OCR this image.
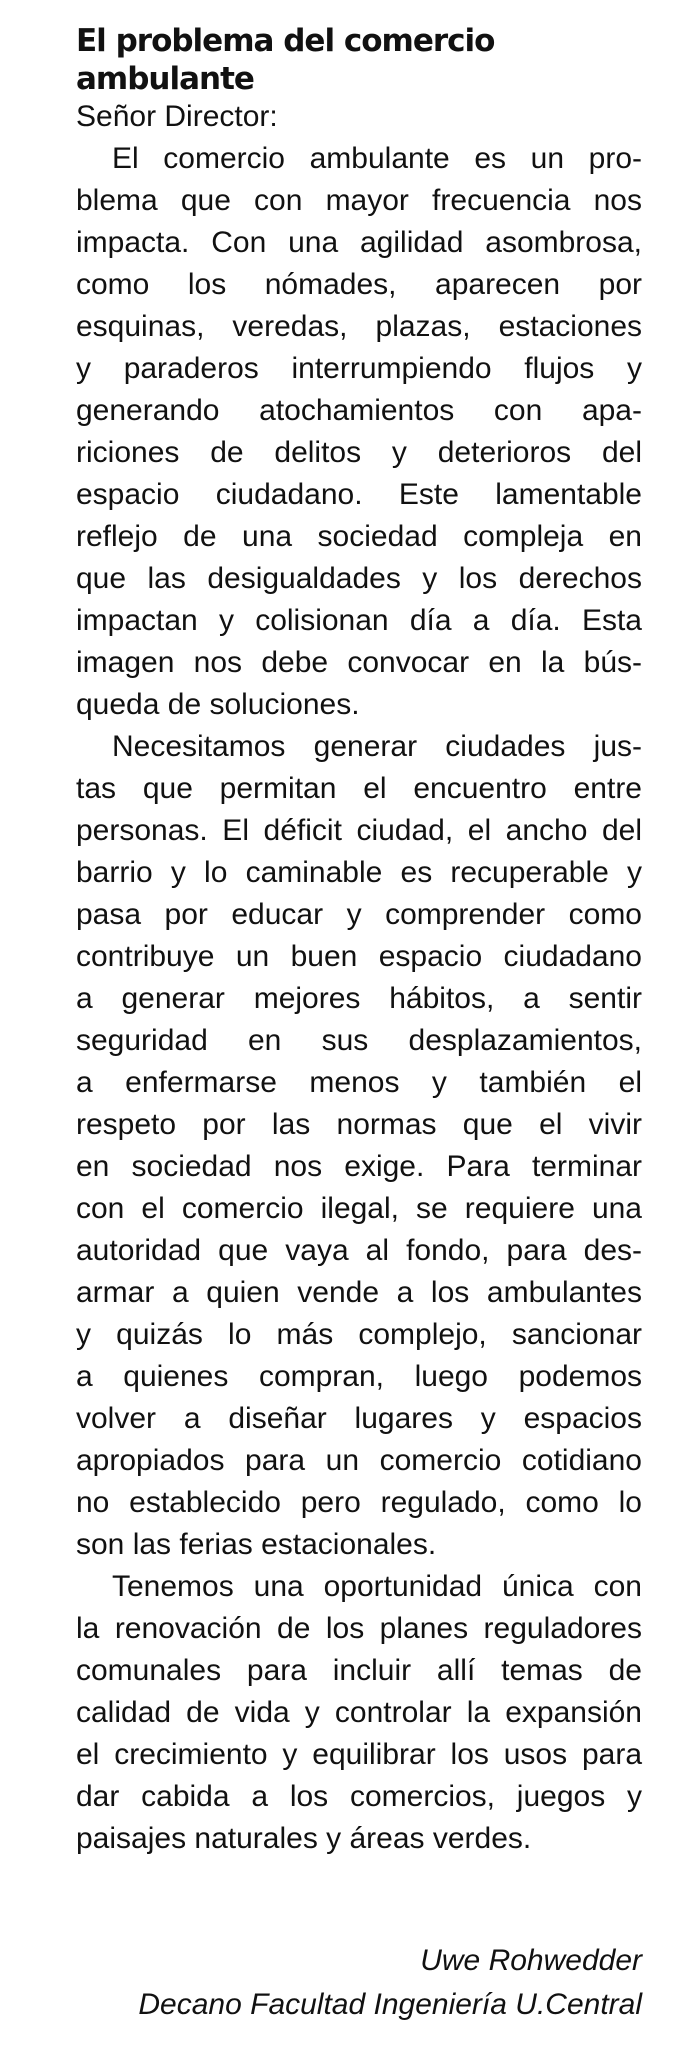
El problema del comercio
ambulante
Señor Director:
El comercio ambulante es un pro-
blema que con mayor frecuencia nos
impacta. Con una agilidad asombrosa,
como los nómades, aparecen por
esquinas, veredas, plazas, estaciones
y paraderos interrumpiendo flujos y
generando atochamientos con apa-
riciones de delitos y deterioros del
espacio ciudadano. Este lamentable
reflejo de una sociedad compleja en
que las desigualdades y los derechos
impactan y colisionan día a día. Esta
imagen nos debe convocar en la bús-
queda de soluciones.
Necesitamos generar ciudades jus-
tas que permitan el encuentro entre
personas. El déficit ciudad, el ancho del
barrio y lo caminable es recuperable y
pasa por educar y comprender como
contribuye un buen espacio ciudadano
a generar mejores hábitos, a sentir
seguridad en sus desplazamientos,
a enfermarse menos y también el
respeto por las normas que el vivir
en sociedad nos exige. Para terminar
con el comercio ilegal, se requiere una
autoridad que vaya al fondo, para des-
armar a quien vende a los ambulantes
y quizás lo más complejo, sancionar
a quienes compran, luego podemos
volver a diseñar lugares y espacios
apropiados para un comercio cotidiano
no establecido pero regulado, como lo
son las ferias estacionales.
Tenemos una oportunidad única con
la renovación de los planes reguladores
comunales para incluir allí temas de
calidad de vida y controlar la expansión
el crecimiento y equilibrar los usos para
dar cabida a los comercios, juegos y
paisajes naturales y áreas verdes.
Uwe Rohwedder
Decano Facultad Ingeniería U.Central
